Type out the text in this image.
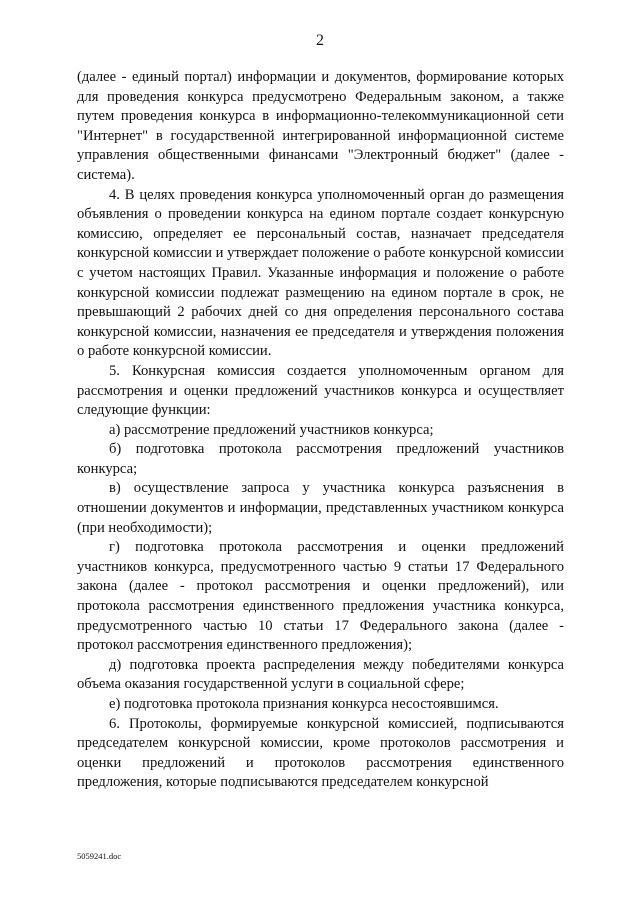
2

(далее - единый портал) информации и документов, формирование которых для проведения конкурса предусмотрено Федеральным законом, а также путем проведения конкурса в информационно-телекоммуникационной сети "Интернет" в государственной интегрированной информационной системе управления общественными финансами "Электронный бюджет" (далее - система).

4. В целях проведения конкурса уполномоченный орган до размещения объявления о проведении конкурса на едином портале создает конкурсную комиссию, определяет ее персональный состав, назначает председателя конкурсной комиссии и утверждает положение о работе конкурсной комиссии с учетом настоящих Правил. Указанные информация и положение о работе конкурсной комиссии подлежат размещению на едином портале в срок, не превышающий 2 рабочих дней со дня определения персонального состава конкурсной комиссии, назначения ее председателя и утверждения положения о работе конкурсной комиссии.

5. Конкурсная комиссия создается уполномоченным органом для рассмотрения и оценки предложений участников конкурса и осуществляет следующие функции:

а) рассмотрение предложений участников конкурса;

б) подготовка протокола рассмотрения предложений участников конкурса;

в) осуществление запроса у участника конкурса разъяснения в отношении документов и информации, представленных участником конкурса (при необходимости);

г) подготовка протокола рассмотрения и оценки предложений участников конкурса, предусмотренного частью 9 статьи 17 Федерального закона (далее - протокол рассмотрения и оценки предложений), или протокола рассмотрения единственного предложения участника конкурса, предусмотренного частью 10 статьи 17 Федерального закона (далее - протокол рассмотрения единственного предложения);

д) подготовка проекта распределения между победителями конкурса объема оказания государственной услуги в социальной сфере;

е) подготовка протокола признания конкурса несостоявшимся.

6. Протоколы, формируемые конкурсной комиссией, подписываются председателем конкурсной комиссии, кроме протоколов рассмотрения и оценки предложений и протоколов рассмотрения единственного предложения, которые подписываются председателем конкурсной

5059241.doc
